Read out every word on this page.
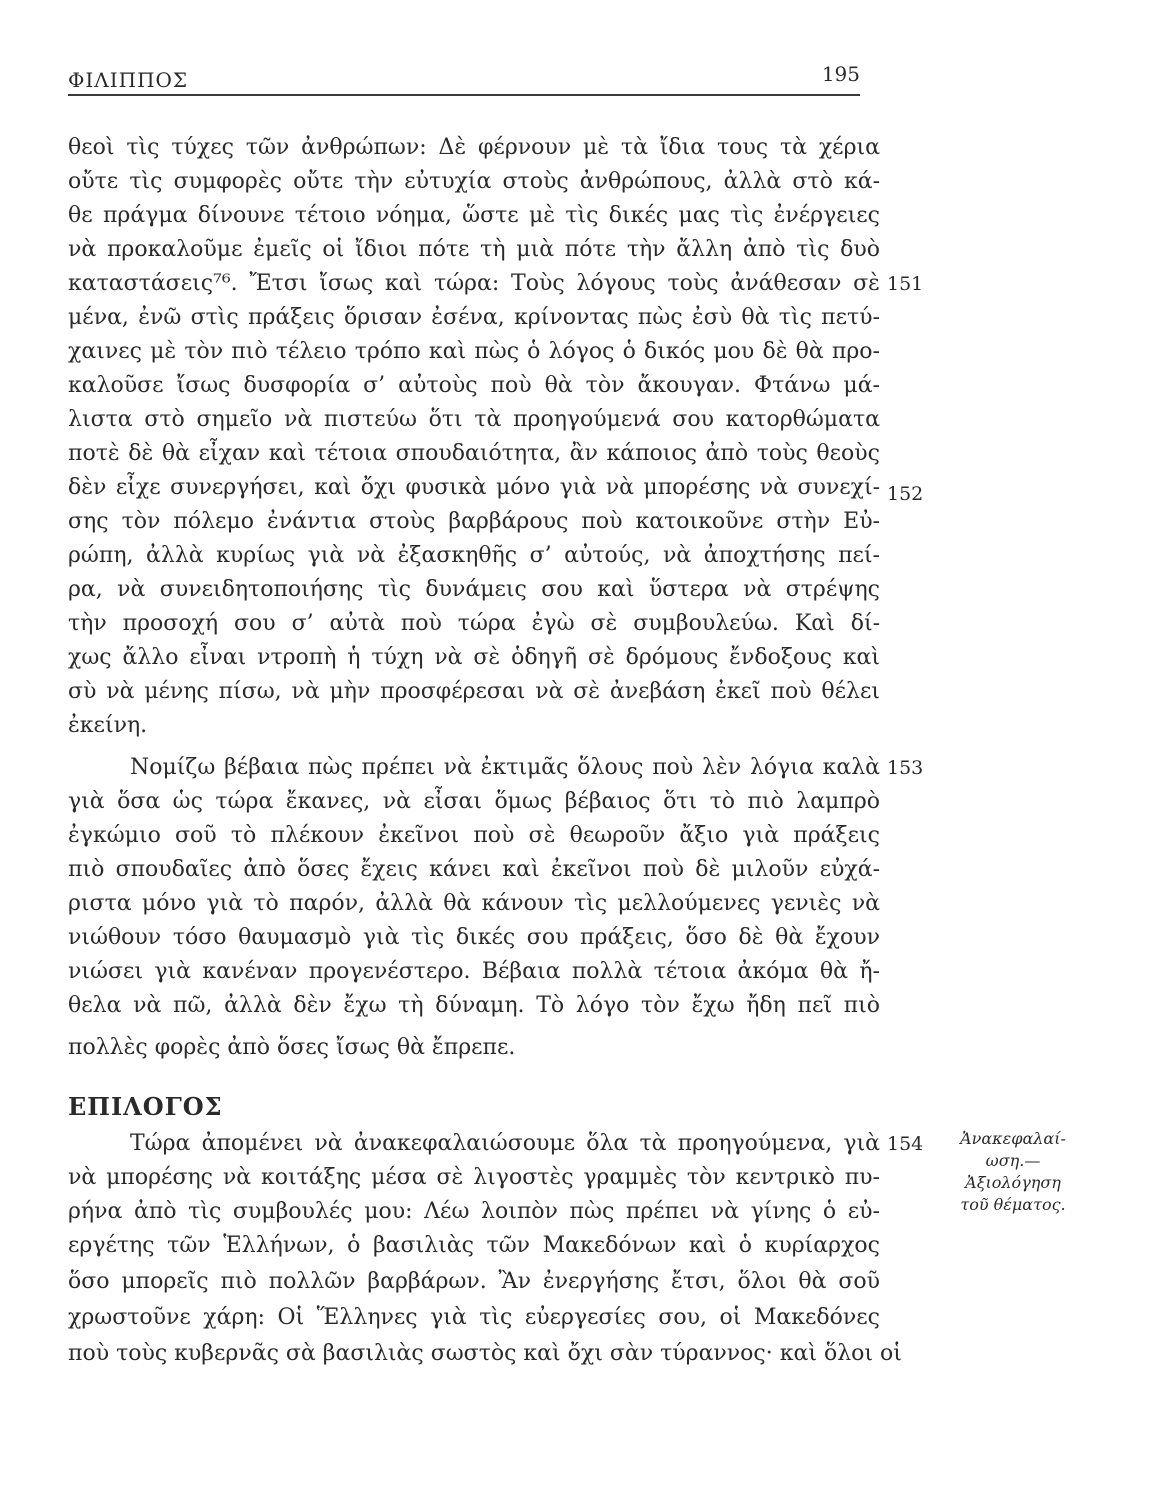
ΦΙΛΙΠΠΟΣ	195
θεοὶ τὶς τύχες τῶν ἀνθρώπων: Δὲ φέρνουν μὲ τὰ ἴδια τους τὰ χέρια
οὔτε τὶς συμφορὲς οὔτε τὴν εὐτυχία στοὺς ἀνθρώπους, ἀλλὰ στὸ κά-
θε πράγμα δίνουνε τέτοιο νόημα, ὥστε μὲ τὶς δικές μας τὶς ἐνέργειες
νὰ προκαλοῦμε ἐμεῖς οἱ ἴδιοι πότε τὴ μιὰ πότε τὴν ἄλλη ἀπὸ τὶς δυὸ
καταστάσεις⁷⁶. Ἔτσι ἴσως καὶ τώρα: Τοὺς λόγους τοὺς ἀνάθεσαν σὲ
μένα, ἐνῶ στὶς πράξεις ὅρισαν ἐσένα, κρίνοντας πὼς ἐσὺ θὰ τὶς πετύ-
χαινες μὲ τὸν πιὸ τέλειο τρόπο καὶ πὼς ὁ λόγος ὁ δικός μου δὲ θὰ προ-
καλοῦσε ἴσως δυσφορία σ’ αὐτοὺς ποὺ θὰ τὸν ἄκουγαν. Φτάνω μά-
λιστα στὸ σημεῖο νὰ πιστεύω ὅτι τὰ προηγούμενά σου κατορθώματα
ποτὲ δὲ θὰ εἶχαν καὶ τέτοια σπουδαιότητα, ἂν κάποιος ἀπὸ τοὺς θεοὺς
δὲν εἶχε συνεργήσει, καὶ ὄχι φυσικὰ μόνο γιὰ νὰ μπορέσης νὰ συνεχί-
σης τὸν πόλεμο ἐνάντια στοὺς βαρβάρους ποὺ κατοικοῦνε στὴν Εὐ-
ρώπη, ἀλλὰ κυρίως γιὰ νὰ ἐξασκηθῆς σ’ αὐτούς, νὰ ἀποχτήσης πεί-
ρα, νὰ συνειδητοποιήσης τὶς δυνάμεις σου καὶ ὕστερα νὰ στρέψης
τὴν προσοχή σου σ’ αὐτὰ ποὺ τώρα ἐγὼ σὲ συμβουλεύω. Καὶ δί-
χως ἄλλο εἶναι ντροπὴ ἡ τύχη νὰ σὲ ὁδηγῆ σὲ δρόμους ἔνδοξους καὶ
σὺ νὰ μένης πίσω, νὰ μὴν προσφέρεσαι νὰ σὲ ἀνεβάση ἐκεῖ ποὺ θέλει
ἐκείνη.
Νομίζω βέβαια πὼς πρέπει νὰ ἐκτιμᾶς ὅλους ποὺ λὲν λόγια καλὰ
γιὰ ὅσα ὡς τώρα ἔκανες, νὰ εἶσαι ὅμως βέβαιος ὅτι τὸ πιὸ λαμπρὸ
ἐγκώμιο σοῦ τὸ πλέκουν ἐκεῖνοι ποὺ σὲ θεωροῦν ἄξιο γιὰ πράξεις
πιὸ σπουδαῖες ἀπὸ ὅσες ἔχεις κάνει καὶ ἐκεῖνοι ποὺ δὲ μιλοῦν εὐχά-
ριστα μόνο γιὰ τὸ παρόν, ἀλλὰ θὰ κάνουν τὶς μελλούμενες γενιὲς νὰ
νιώθουν τόσο θαυμασμὸ γιὰ τὶς δικές σου πράξεις, ὅσο δὲ θὰ ἔχουν
νιώσει γιὰ κανέναν προγενέστερο. Βέβαια πολλὰ τέτοια ἀκόμα θὰ ἤ-
θελα νὰ πῶ, ἀλλὰ δὲν ἔχω τὴ δύναμη. Τὸ λόγο τὸν ἔχω ἤδη πεῖ πιὸ
πολλὲς φορὲς ἀπὸ ὅσες ἴσως θὰ ἔπρεπε.
ΕΠΙΛΟΓΟΣ
Τώρα ἀπομένει νὰ ἀνακεφαλαιώσουμε ὅλα τὰ προηγούμενα, γιὰ
νὰ μπορέσης νὰ κοιτάξης μέσα σὲ λιγοστὲς γραμμὲς τὸν κεντρικὸ πυ-
ρήνα ἀπὸ τὶς συμβουλές μου: Λέω λοιπὸν πὼς πρέπει νὰ γίνης ὁ εὐ-
εργέτης τῶν Ἑλλήνων, ὁ βασιλιὰς τῶν Μακεδόνων καὶ ὁ κυρίαρχος
ὅσο μπορεῖς πιὸ πολλῶν βαρβάρων. Ἂν ἐνεργήσης ἔτσι, ὅλοι θὰ σοῦ
χρωστοῦνε χάρη: Οἱ Ἕλληνες γιὰ τὶς εὐεργεσίες σου, οἱ Μακεδόνες
ποὺ τοὺς κυβερνᾶς σὰ βασιλιὰς σωστὸς καὶ ὄχι σὰν τύραννος· καὶ ὅλοι οἱ
151
152
153
154	Ἀνακεφαλαί-
ωση.—
Ἀξιολόγηση
τοῦ θέματος.
